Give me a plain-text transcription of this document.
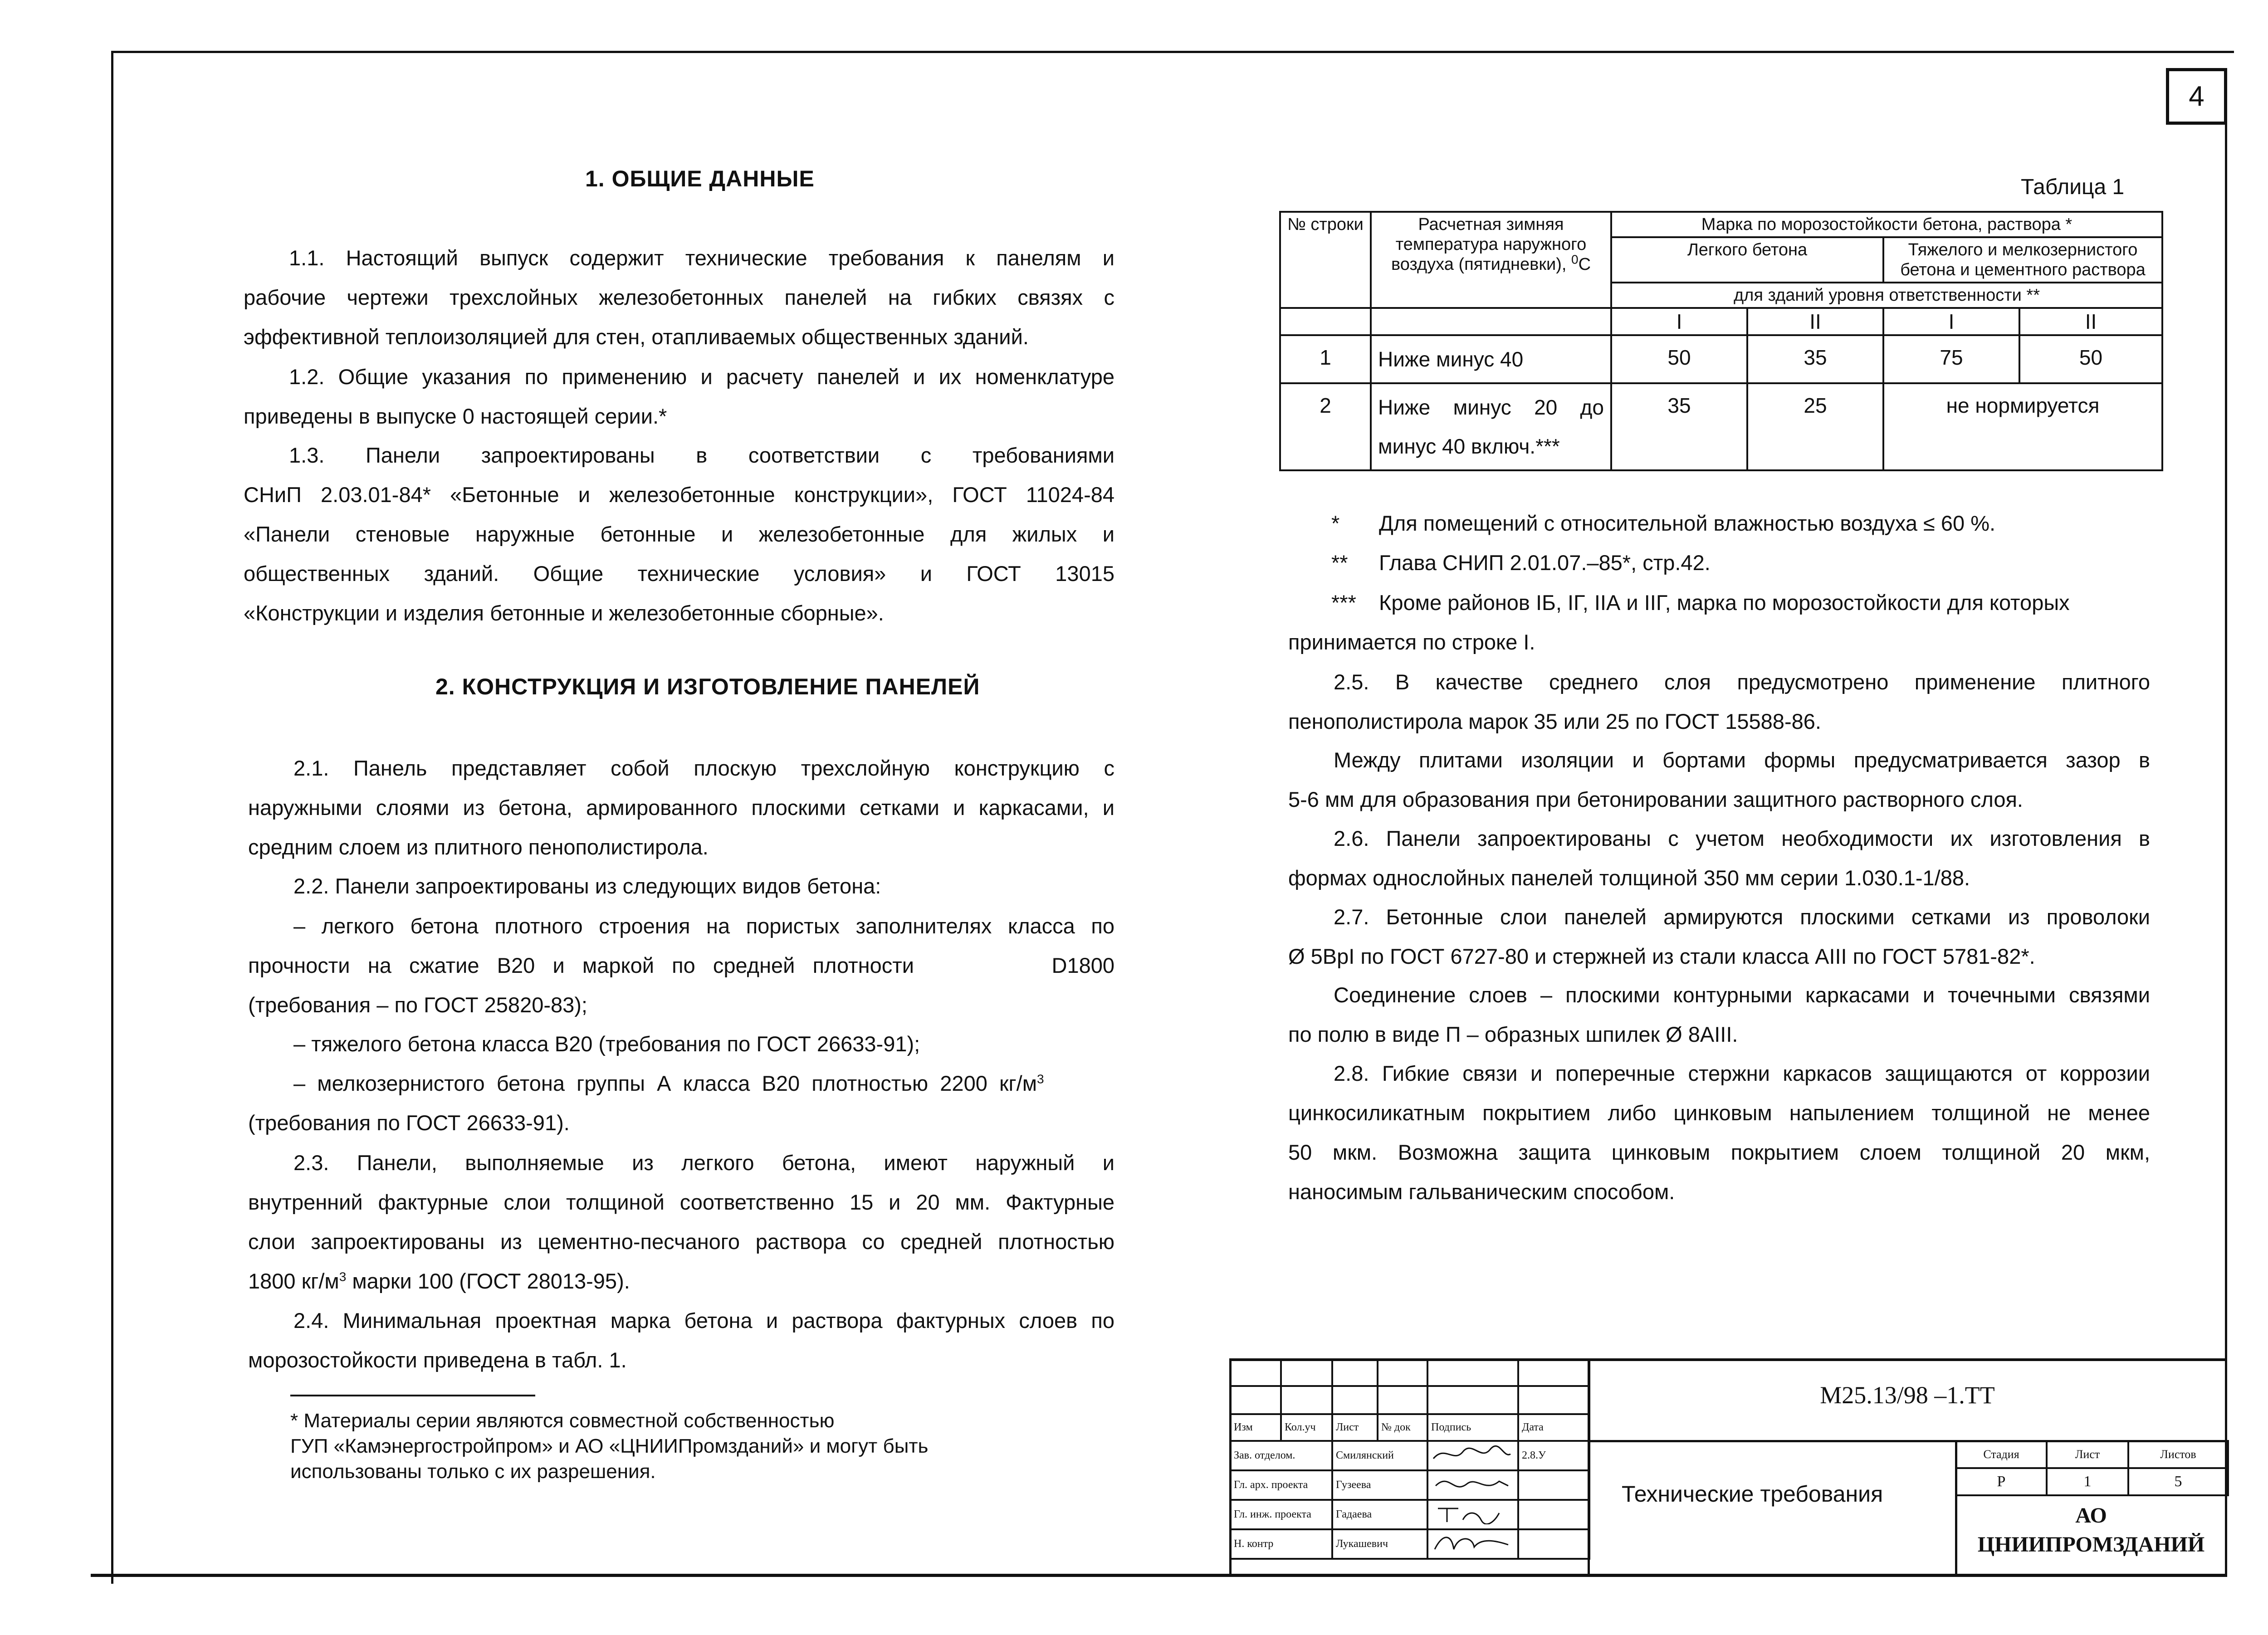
4
1. ОБЩИЕ ДАННЫЕ
1.1. Настоящий выпуск содержит технические требования к панелям и
рабочие чертежи трехслойных железобетонных панелей на гибких связях с
эффективной теплоизоляцией для стен, отапливаемых общественных зданий.
1.2. Общие указания по применению и расчету панелей и их номенклатуре
приведены в выпуске 0 настоящей серии.*
1.3. Панели запроектированы в соответствии с требованиями
СНиП 2.03.01-84* «Бетонные и железобетонные конструкции», ГОСТ 11024-84
«Панели стеновые наружные бетонные и железобетонные для жилых и
общественных зданий. Общие технические условия» и ГОСТ 13015
«Конструкции и изделия бетонные и железобетонные сборные».
2. КОНСТРУКЦИЯ И ИЗГОТОВЛЕНИЕ ПАНЕЛЕЙ
2.1. Панель представляет собой плоскую трехслойную конструкцию с
наружными слоями из бетона, армированного плоскими сетками и каркасами, и
средним слоем из плитного пенополистирола.
2.2. Панели запроектированы из следующих видов бетона:
– легкого бетона плотного строения на пористых заполнителях класса по
прочности   на   сжатие   В20   и   маркой   по   средней   плотности	D1800
(требования – по ГОСТ 25820-83);
– тяжелого бетона класса В20 (требования по ГОСТ 26633-91);
–  мелкозернистого  бетона  группы  А  класса  В20  плотностью  2200  $кг/м^3$
(требования по ГОСТ 26633-91).
2.3. Панели, выполняемые из легкого бетона, имеют наружный и
внутренний фактурные слои толщиной соответственно 15 и 20 мм. Фактурные
слои запроектированы из цементно-песчаного раствора со средней плотностью
1800 $кг/м^3$ марки 100 (ГОСТ 28013-95).
2.4. Минимальная проектная марка бетона и раствора фактурных слоев по
морозостойкости приведена в табл. 1.
* Материалы серии являются совместной собственностью
ГУП «Камэнергостройпром» и АО «ЦНИИПромзданий» и могут быть
использованы только с их разрешения.
Таблица 1
№ строки	Расчетная зимняя температура наружного воздуха (пятидневки), $^0$С	Марка по морозостойкости бетона, раствора *			
		Легкого бетона		Тяжелого и мелкозернистого бетона и цементного раствора	
		для зданий уровня ответственности **			
		I	II	I	II
1	Ниже минус 40	50	35	75	50
2	Ниже минус 20 до минус 40 включ.***	35	25	не нормируется	
* Для помещений с относительной влажностью воздуха ≤ 60 %.
** Глава СНИП 2.01.07.–85*, стр.42.
*** Кроме районов IБ, IГ, IIА и IIГ, марка по морозостойкости для которых
принимается по строке I.
2.5. В качестве среднего слоя предусмотрено применение плитного
пенополистирола марок 35 или 25 по ГОСТ 15588-86.
Между плитами изоляции и бортами формы предусматривается зазор в
5-6 мм для образования при бетонировании защитного растворного слоя.
2.6. Панели запроектированы с учетом необходимости их изготовления в
формах однослойных панелей толщиной 350 мм серии 1.030.1-1/88.
2.7. Бетонные слои панелей армируются плоскими сетками из проволоки
Ø 5ВрI по ГОСТ 6727-80 и стержней из стали класса АIII по ГОСТ 5781-82*.
Соединение слоев – плоскими контурными каркасами и точечными связями
по полю в виде П – образных шпилек Ø 8АIII.
2.8. Гибкие связи и поперечные стержни каркасов защищаются от коррозии
цинкосиликатным покрытием либо цинковым напылением толщиной не менее
50 мкм. Возможна защита цинковым покрытием слоем толщиной 20 мкм,
наносимым гальваническим способом.

Изм	Кол.уч	Лист	№ док	Подпись	Дата
Зав. отделом.		Смилянский			2.8.У
Гл. арх. проекта		Гузеева		
Гл. инж. проекта		Гадаева		
Н. контр		Лукашевич		
М25.13/98 –1.ТТ
Технические требования
Стадия	Лист	Листов
Р	1	5
АО
ЦНИИПРОМЗДАНИЙ
